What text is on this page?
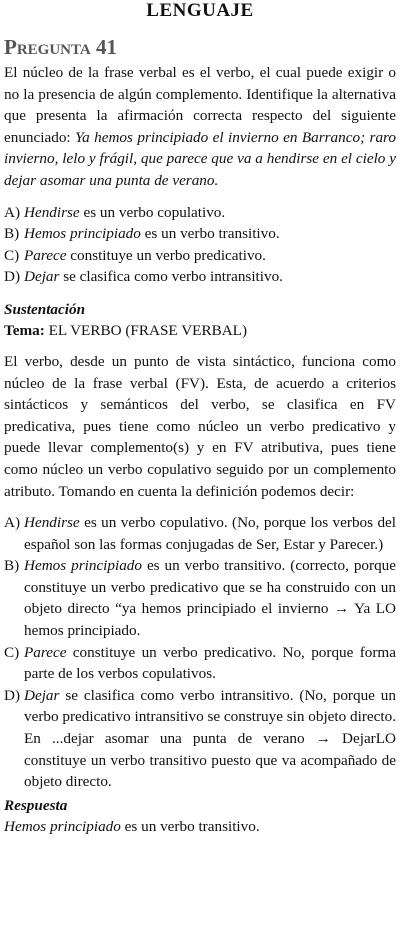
LENGUAJE
Pregunta 41

El núcleo de la frase verbal es el verbo, el cual puede exigir o no la presencia de algún complemento. Identifique la alternativa que presenta la afirmación correcta respecto del siguiente enunciado: Ya hemos principiado el invierno en Barranco; raro invierno, lelo y frágil, que parece que va a hendirse en el cielo y dejar asomar una punta de verano.

A) Hendirse es un verbo copulativo.
B) Hemos principiado es un verbo transitivo.
C) Parece constituye un verbo predicativo.
D) Dejar se clasifica como verbo intransitivo.
Sustentación
Tema: EL VERBO (FRASE VERBAL)

El verbo, desde un punto de vista sintáctico, funciona como núcleo de la frase verbal (FV). Esta, de acuerdo a criterios sintácticos y semánticos del verbo, se clasifica en FV predicativa, pues tiene como núcleo un verbo predicativo y puede llevar complemento(s) y en FV atributiva, pues tiene como núcleo un verbo copulativo seguido por un complemento atributo. Tomando en cuenta la definición podemos decir:

A) Hendirse es un verbo copulativo. (No, porque los verbos del español son las formas conjugadas de Ser, Estar y Parecer.)
B) Hemos principiado es un verbo transitivo. (correcto, porque constituye un verbo predicativo que se ha construido con un objeto directo “ya hemos principiado el invierno → Ya LO hemos principiado.
C) Parece constituye un verbo predicativo. No, porque forma parte de los verbos copulativos.
D) Dejar se clasifica como verbo intransitivo. (No, porque un verbo predicativo intransitivo se construye sin objeto directo. En ...dejar asomar una punta de verano → DejarLO constituye un verbo transitivo puesto que va acompañado de objeto directo.
Respuesta

Hemos principiado es un verbo transitivo.
